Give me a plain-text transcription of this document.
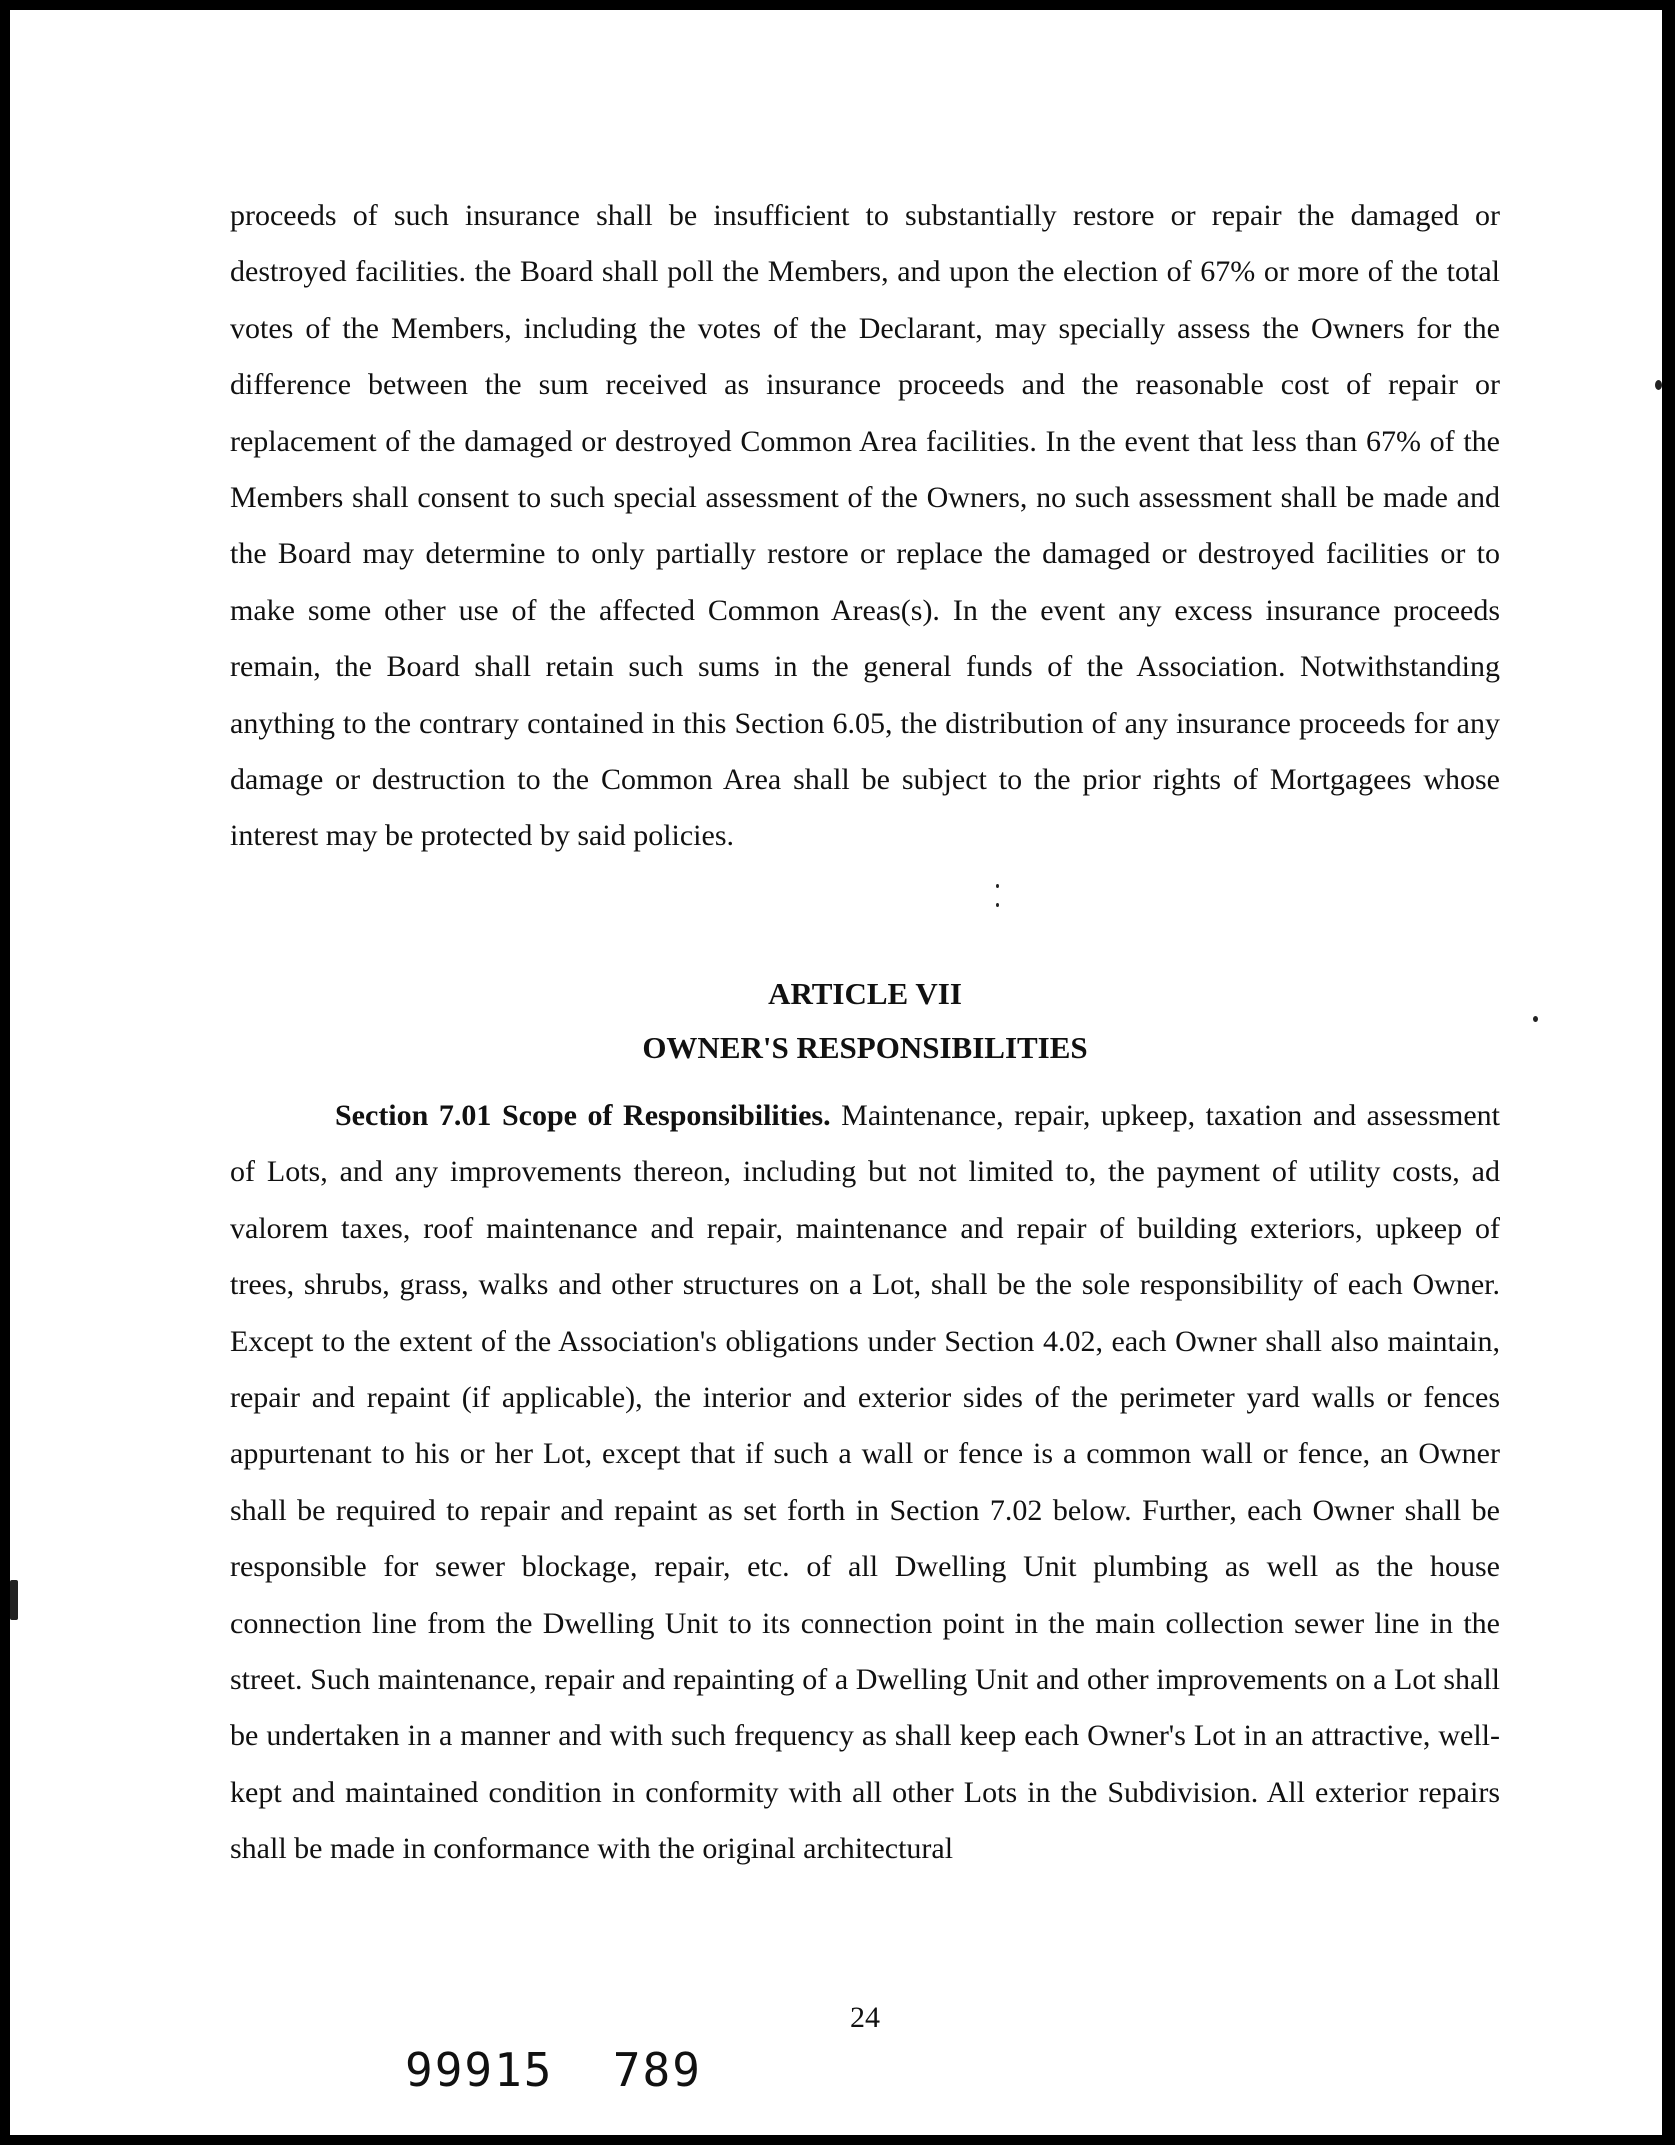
proceeds of such insurance shall be insufficient to substantially restore or repair the damaged or destroyed facilities. the Board shall poll the Members, and upon the election of 67% or more of the total votes of the Members, including the votes of the Declarant, may specially assess the Owners for the difference between the sum received as insurance proceeds and the reasonable cost of repair or replacement of the damaged or destroyed Common Area facilities. In the event that less than 67% of the Members shall consent to such special assessment of the Owners, no such assessment shall be made and the Board may determine to only partially restore or replace the damaged or destroyed facilities or to make some other use of the affected Common Areas(s). In the event any excess insurance proceeds remain, the Board shall retain such sums in the general funds of the Association. Notwithstanding anything to the contrary contained in this Section 6.05, the distribution of any insurance proceeds for any damage or destruction to the Common Area shall be subject to the prior rights of Mortgagees whose interest may be protected by said policies.
ARTICLE VII
OWNER'S RESPONSIBILITIES
Section 7.01 Scope of Responsibilities. Maintenance, repair, upkeep, taxation and assessment of Lots, and any improvements thereon, including but not limited to, the payment of utility costs, ad valorem taxes, roof maintenance and repair, maintenance and repair of building exteriors, upkeep of trees, shrubs, grass, walks and other structures on a Lot, shall be the sole responsibility of each Owner. Except to the extent of the Association's obligations under Section 4.02, each Owner shall also maintain, repair and repaint (if applicable), the interior and exterior sides of the perimeter yard walls or fences appurtenant to his or her Lot, except that if such a wall or fence is a common wall or fence, an Owner shall be required to repair and repaint as set forth in Section 7.02 below. Further, each Owner shall be responsible for sewer blockage, repair, etc. of all Dwelling Unit plumbing as well as the house connection line from the Dwelling Unit to its connection point in the main collection sewer line in the street. Such maintenance, repair and repainting of a Dwelling Unit and other improvements on a Lot shall be undertaken in a manner and with such frequency as shall keep each Owner's Lot in an attractive, well-kept and maintained condition in conformity with all other Lots in the Subdivision. All exterior repairs shall be made in conformance with the original architectural
24
99915  789
